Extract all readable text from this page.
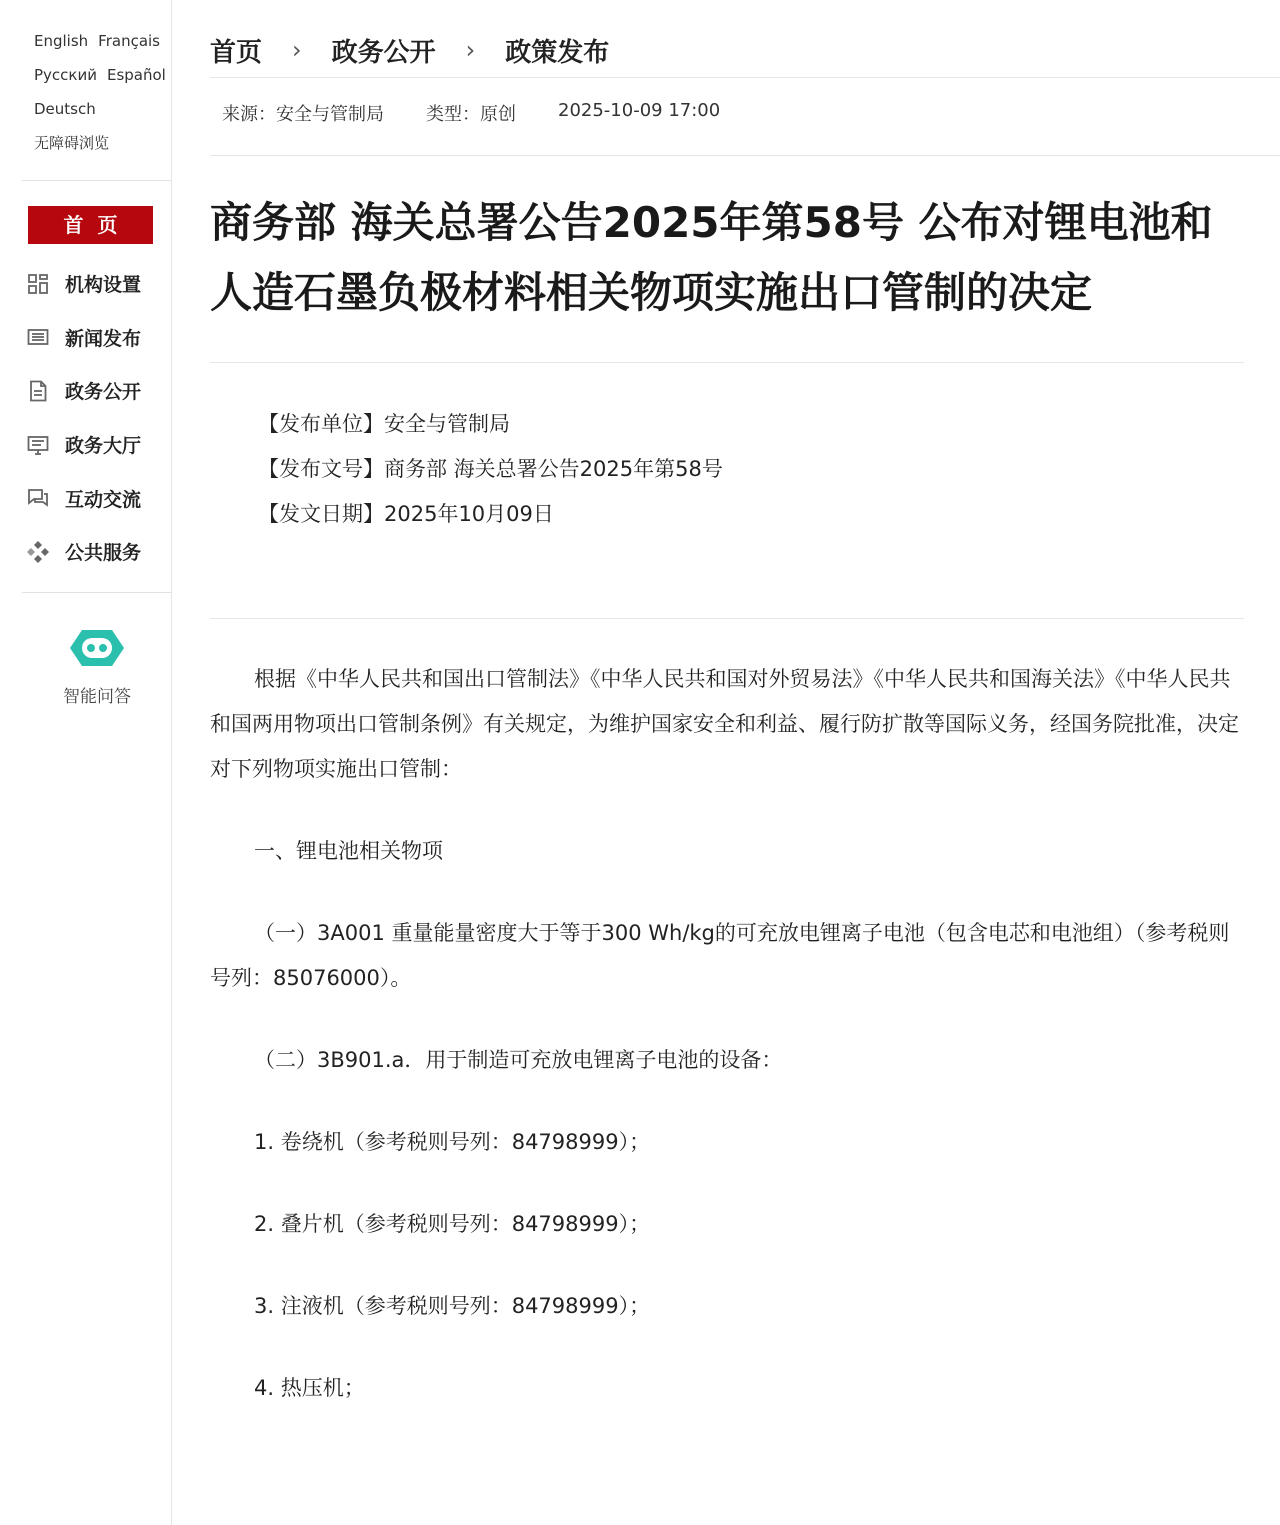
English Français
Русский Español
Deutsch
无障碍浏览
首页
机构设置
新闻发布
政务公开
政务大厅
互动交流
公共服务
智能问答
首页 › 政务公开 › 政策发布
来源：安全与管制局 类型：原创 2025-10-09 17:00
商务部 海关总署公告2025年第58号 公布对锂电池和人造石墨负极材料相关物项实施出口管制的决定
【发布单位】安全与管制局
【发布文号】商务部 海关总署公告2025年第58号
【发文日期】2025年10月09日

根据《中华人民共和国出口管制法》《中华人民共和国对外贸易法》《中华人民共和国海关法》《中华人民共和国两用物项出口管制条例》有关规定，为维护国家安全和利益、履行防扩散等国际义务，经国务院批准，决定对下列物项实施出口管制：

一、锂电池相关物项

（一）3A001 重量能量密度大于等于300 Wh/kg的可充放电锂离子电池（包含电芯和电池组）（参考税则号列：85076000）。

（二）3B901.a．用于制造可充放电锂离子电池的设备：

1. 卷绕机（参考税则号列：84798999）；

2. 叠片机（参考税则号列：84798999）；

3. 注液机（参考税则号列：84798999）；

4. 热压机；
